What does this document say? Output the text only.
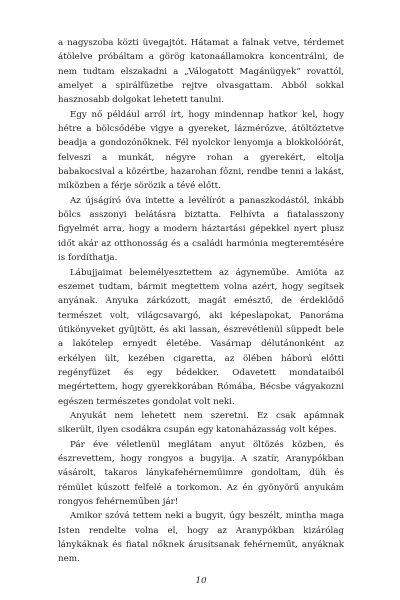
a nagyszoba közti üvegajtót. Hátamat a falnak vetve, térdemet átölelve próbáltam a görög katonaállamokra koncentrálni, de nem tudtam elszakadni a „Válogatott Magánügyek” rovattól, amelyet a spirálfüzetbe rejtve olvasgattam. Abból sokkal hasznosabb dolgokat lehetett tanulni.

Egy nő például arról írt, hogy mindennap hatkor kel, hogy hétre a bölcsődébe vigye a gyereket, lázmérőzve, átöltöztetve beadja a gondozónőknek. Fél nyolckor lenyomja a blokkolóórát, felveszi a munkát, négyre rohan a gyerekért, eltolja babakocsival a közértbe, hazarohan főzni, rendbe tenni a lakást, miközben a férje sörözik a tévé előtt.

Az újságíró óva intette a levélírót a panaszkodástól, inkább bölcs asszonyi belátásra biztatta. Felhívta a fiatalasszony figyelmét arra, hogy a modern háztartási gépekkel nyert plusz időt akár az otthonosság és a családi harmónia megteremtésére is fordíthatja.

Lábujjaimat belemélyesztettem az ágyneműbe. Amióta az eszemet tudtam, bármit megtettem volna azért, hogy segítsek anyának. Anyuka zárkózott, magát emésztő, de érdeklődő természet volt, világcsavargó, aki képeslapokat, Panoráma útikönyveket gyűjtött, és aki lassan, észrevétlenül süppedt bele a lakótelep ernyedt életébe. Vasárnap délutánonként az erkélyen ült, kezében cigaretta, az ölében háború előtti regényfüzet és egy bédekker. Odavetett mondataiból megértettem, hogy gyerekkorában Rómába, Bécsbe vágyakozni egészen természetes gondolat volt neki.

Anyukát nem lehetett nem szeretni. Ez csak apámnak sikerült, ilyen csodákra csupán egy katonaházasság volt képes.

Pár éve véletlenül meglátam anyut öltözés közben, és észrevettem, hogy rongyos a bugyija. A szatír, Aranypókban vásárolt, takaros lánykafehérneműimre gondoltam, düh és rémület kúszott felfelé a torkomon. Az én gyönyörű anyukám rongyos fehérneműben jár!

Amikor szóvá tettem neki a bugyit, úgy beszélt, mintha maga Isten rendelte volna el, hogy az Aranypókban kizárólag lánykáknak és fiatal nőknek árusítsanak fehérneműt, anyáknak nem.

10
